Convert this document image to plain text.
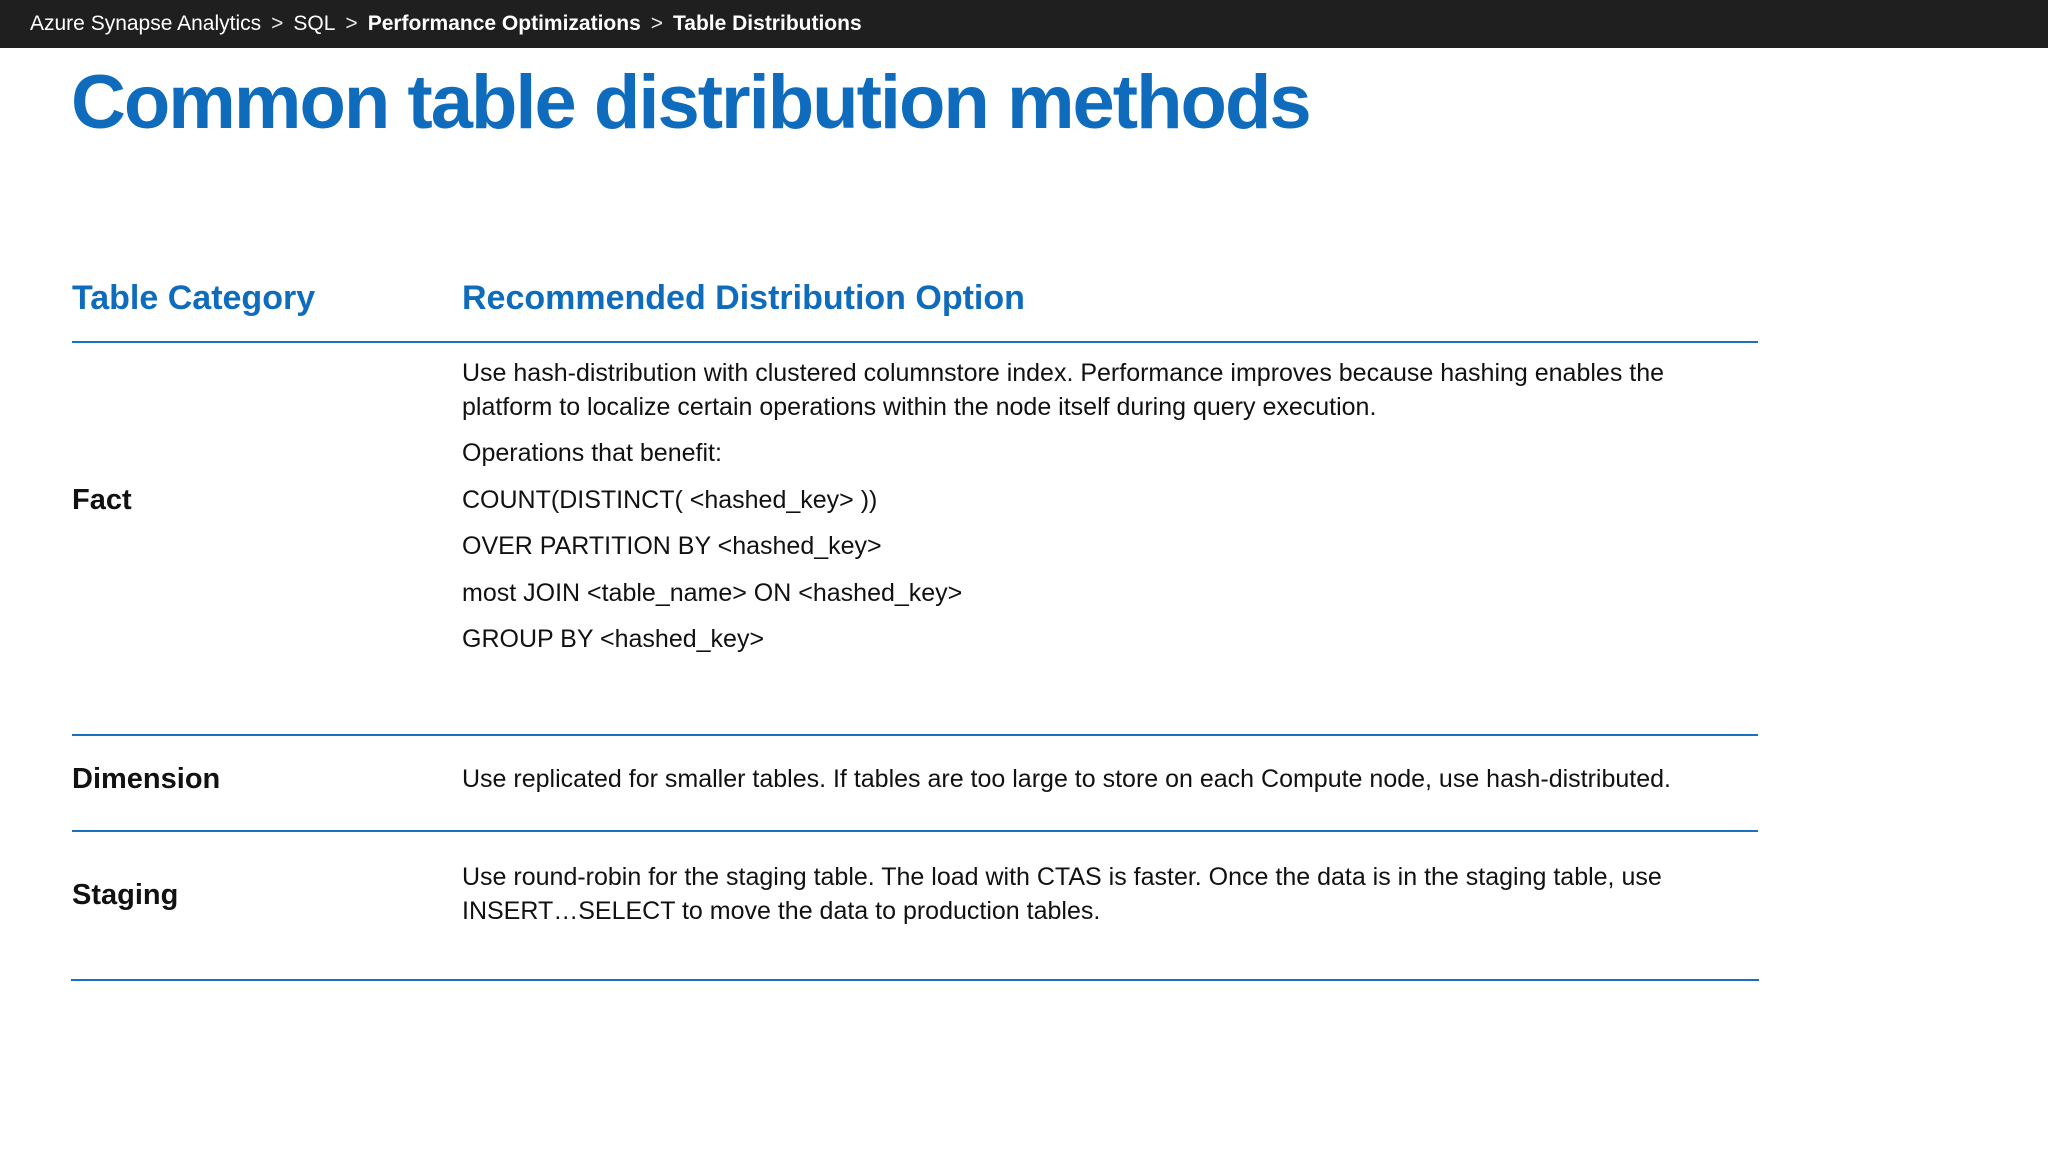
Azure Synapse Analytics > SQL > Performance Optimizations > Table Distributions
Common table distribution methods
Table Category	Recommended Distribution Option
Fact

Use hash-distribution with clustered columnstore index. Performance improves because hashing enables the platform to localize certain operations within the node itself during query execution.

Operations that benefit:

COUNT(DISTINCT( <hashed_key> ))

OVER PARTITION BY <hashed_key>

most JOIN <table_name> ON <hashed_key>

GROUP BY <hashed_key>

Dimension	Use replicated for smaller tables. If tables are too large to store on each Compute node, use hash-distributed.

Staging

Use round-robin for the staging table. The load with CTAS is faster. Once the data is in the staging table, use INSERT…SELECT to move the data to production tables.
